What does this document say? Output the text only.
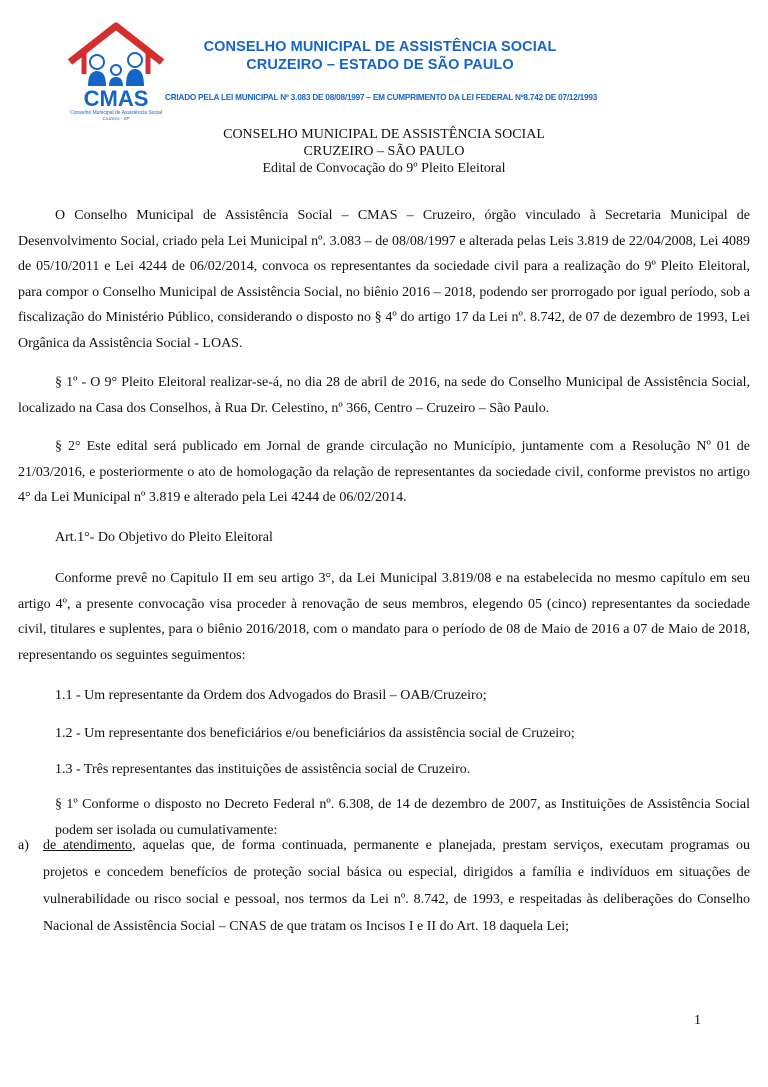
CMAS
Conselho Municipal de Assistência Social
Cruzeiro - SP
CONSELHO MUNICIPAL DE ASSISTÊNCIA SOCIAL
CRUZEIRO – ESTADO DE SÃO PAULO
CRIADO PELA LEI MUNICIPAL Nº 3.083 DE 08/08/1997 – EM CUMPRIMENTO DA LEI FEDERAL Nº8.742 DE 07/12/1993
CONSELHO MUNICIPAL DE ASSISTÊNCIA SOCIAL
CRUZEIRO – SÃO PAULO
Edital de Convocação do 9º Pleito Eleitoral

O Conselho Municipal de Assistência Social – CMAS – Cruzeiro, órgão vinculado à Secretaria Municipal de Desenvolvimento Social, criado pela Lei Municipal nº. 3.083 – de 08/08/1997 e alterada pelas Leis 3.819 de 22/04/2008, Lei 4089 de 05/10/2011 e Lei 4244 de 06/02/2014, convoca os representantes da sociedade civil para a realização do 9º Pleito Eleitoral, para compor o Conselho Municipal de Assistência Social, no biênio 2016 – 2018, podendo ser prorrogado por igual período, sob a fiscalização do Ministério Público, considerando o disposto no § 4º do artigo 17 da Lei nº. 8.742, de 07 de dezembro de 1993, Lei Orgânica da Assistência Social - LOAS.

§ 1º - O 9° Pleito Eleitoral realizar-se-á, no dia 28 de abril de 2016, na sede do Conselho Municipal de Assistência Social, localizado na Casa dos Conselhos, à Rua Dr. Celestino, nº 366, Centro – Cruzeiro – São Paulo.

§ 2° Este edital será publicado em Jornal de grande circulação no Município, juntamente com a Resolução Nº 01 de 21/03/2016, e posteriormente o ato de homologação da relação de representantes da sociedade civil, conforme previstos no artigo 4° da Lei Municipal nº 3.819 e alterado pela Lei 4244 de 06/02/2014.

Art.1°- Do Objetivo do Pleito Eleitoral

Conforme prevê no Capitulo II em seu artigo 3°, da Lei Municipal 3.819/08 e na estabelecida no mesmo capítulo em seu artigo 4º, a presente convocação visa proceder à renovação de seus membros, elegendo 05 (cinco) representantes da sociedade civil, titulares e suplentes, para o biênio 2016/2018, com o mandato para o período de 08 de Maio de 2016 a 07 de Maio de 2018, representando os seguintes seguimentos:

1.1 - Um representante da Ordem dos Advogados do Brasil – OAB/Cruzeiro;

1.2 - Um representante dos beneficiários e/ou beneficiários da assistência social de Cruzeiro;

1.3 - Três representantes das instituições de assistência social de Cruzeiro.

§ 1º Conforme o disposto no Decreto Federal nº. 6.308, de 14 de dezembro de 2007, as Instituições de Assistência Social podem ser isolada ou cumulativamente:

a) de atendimento, aquelas que, de forma continuada, permanente e planejada, prestam serviços, executam programas ou projetos e concedem benefícios de proteção social básica ou especial, dirigidos a família e indivíduos em situações de vulnerabilidade ou risco social e pessoal, nos termos da Lei nº. 8.742, de 1993, e respeitadas às deliberações do Conselho Nacional de Assistência Social – CNAS de que tratam os Incisos I e II do Art. 18 daquela Lei;
1
